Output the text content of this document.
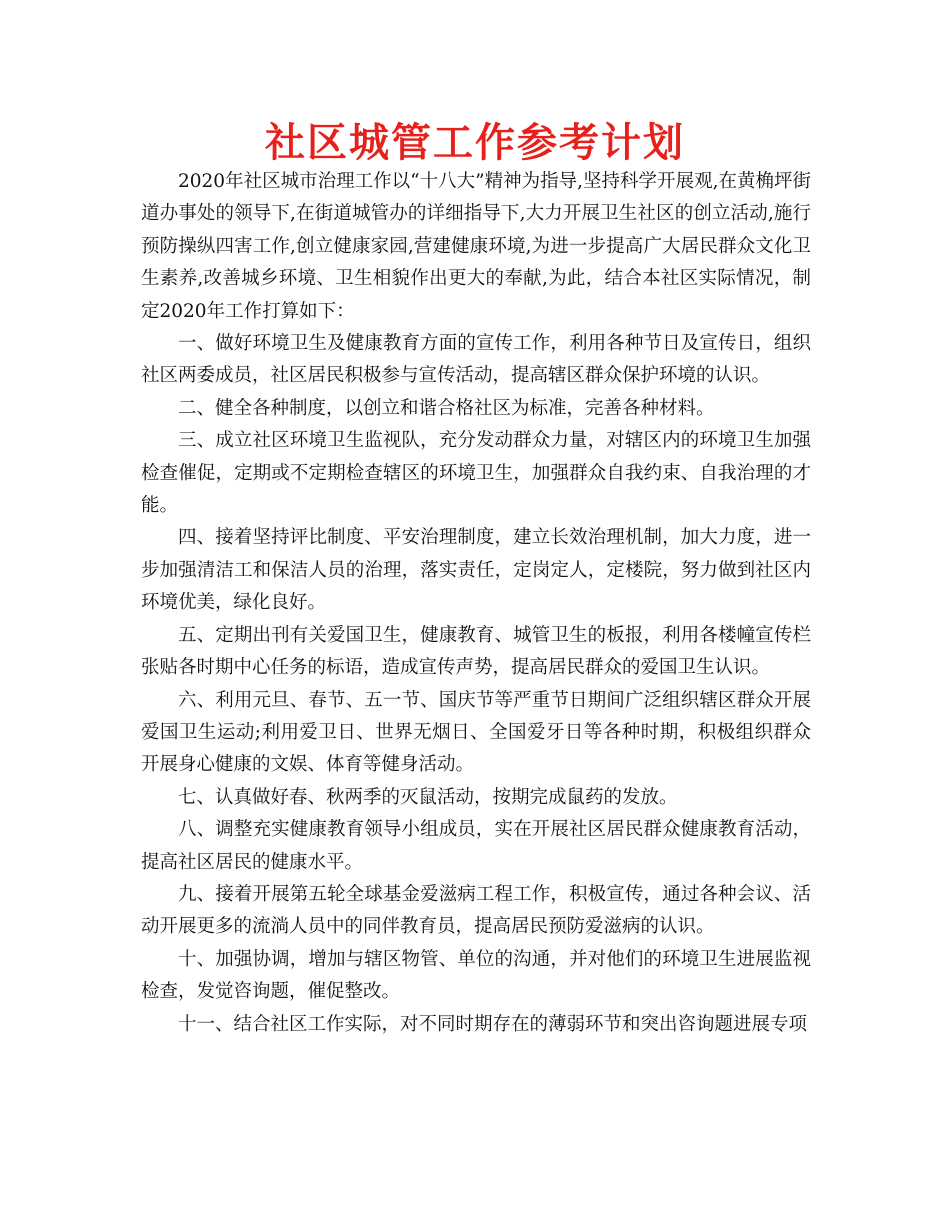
社区城管工作参考计划

2020年社区城市治理工作以“十八大”精神为指导,坚持科学开展观,在黄桷坪街道办事处的领导下,在街道城管办的详细指导下,大力开展卫生社区的创立活动,施行预防操纵四害工作,创立健康家园,营建健康环境,为进一步提高广大居民群众文化卫生素养,改善城乡环境、卫生相貌作出更大的奉献,为此，结合本社区实际情况，制定2020年工作打算如下：

一、做好环境卫生及健康教育方面的宣传工作，利用各种节日及宣传日，组织社区两委成员，社区居民积极参与宣传活动，提高辖区群众保护环境的认识。

二、健全各种制度，以创立和谐合格社区为标准，完善各种材料。

三、成立社区环境卫生监视队，充分发动群众力量，对辖区内的环境卫生加强检查催促，定期或不定期检查辖区的环境卫生，加强群众自我约束、自我治理的才能。

四、接着坚持评比制度、平安治理制度，建立长效治理机制，加大力度，进一步加强清洁工和保洁人员的治理，落实责任，定岗定人，定楼院，努力做到社区内环境优美，绿化良好。

五、定期出刊有关爱国卫生，健康教育、城管卫生的板报，利用各楼幢宣传栏张贴各时期中心任务的标语，造成宣传声势，提高居民群众的爱国卫生认识。

六、利用元旦、春节、五一节、国庆节等严重节日期间广泛组织辖区群众开展爱国卫生运动;利用爱卫日、世界无烟日、全国爱牙日等各种时期，积极组织群众开展身心健康的文娱、体育等健身活动。

七、认真做好春、秋两季的灭鼠活动，按期完成鼠药的发放。

八、调整充实健康教育领导小组成员，实在开展社区居民群众健康教育活动，提高社区居民的健康水平。

九、接着开展第五轮全球基金爱滋病工程工作，积极宣传，通过各种会议、活动开展更多的流淌人员中的同伴教育员，提高居民预防爱滋病的认识。

十、加强协调，增加与辖区物管、单位的沟通，并对他们的环境卫生进展监视检查，发觉咨询题，催促整改。

十一、结合社区工作实际，对不同时期存在的薄弱环节和突出咨询题进展专项
